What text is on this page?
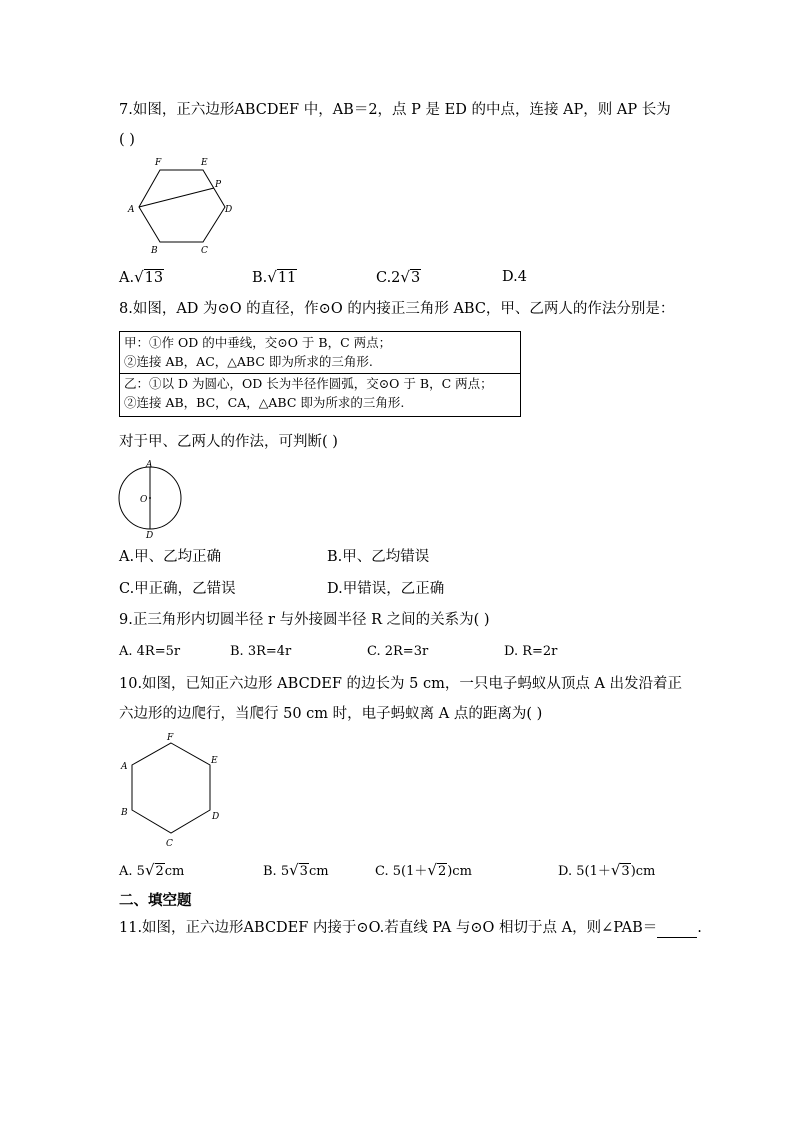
7.如图，正六边形ABCDEF 中，AB＝2，点 P 是 ED 的中点，连接 AP，则 AP 长为
( )
A
B	C
D
E
F
P
A.√13	B.√11	C.2√3	D.4
8.如图，AD 为⊙O 的直径，作⊙O 的内接正三角形 ABC，甲、乙两人的作法分别是：
甲：①作 OD 的中垂线，交⊙O 于 B，C 两点；
②连接 AB，AC，△ABC 即为所求的三角形.
乙：①以 D 为圆心，OD 长为半径作圆弧，交⊙O 于 B，C 两点；
②连接 AB，BC，CA，△ABC 即为所求的三角形.
对于甲、乙两人的作法，可判断( )
A
O
D
A.甲、乙均正确	B.甲、乙均错误
C.甲正确，乙错误	D.甲错误，乙正确
9.正三角形内切圆半径 r 与外接圆半径 R 之间的关系为( )
A. 4R=5r	B. 3R=4r	C. 2R=3r	D. R=2r
10.如图，已知正六边形 ABCDEF 的边长为 5 cm，一只电子蚂蚁从顶点 A 出发沿着正
六边形的边爬行，当爬行 50 cm 时，电子蚂蚁离 A 点的距离为( )
F
E
A
B	D
C
A. 5√2cm	B. 5√3cm	C. 5(1＋√2)cm	D. 5(1＋√3)cm
二、填空题
11.如图，正六边形ABCDEF 内接于⊙O.若直线 PA 与⊙O 相切于点 A，则∠PAB＝	.
